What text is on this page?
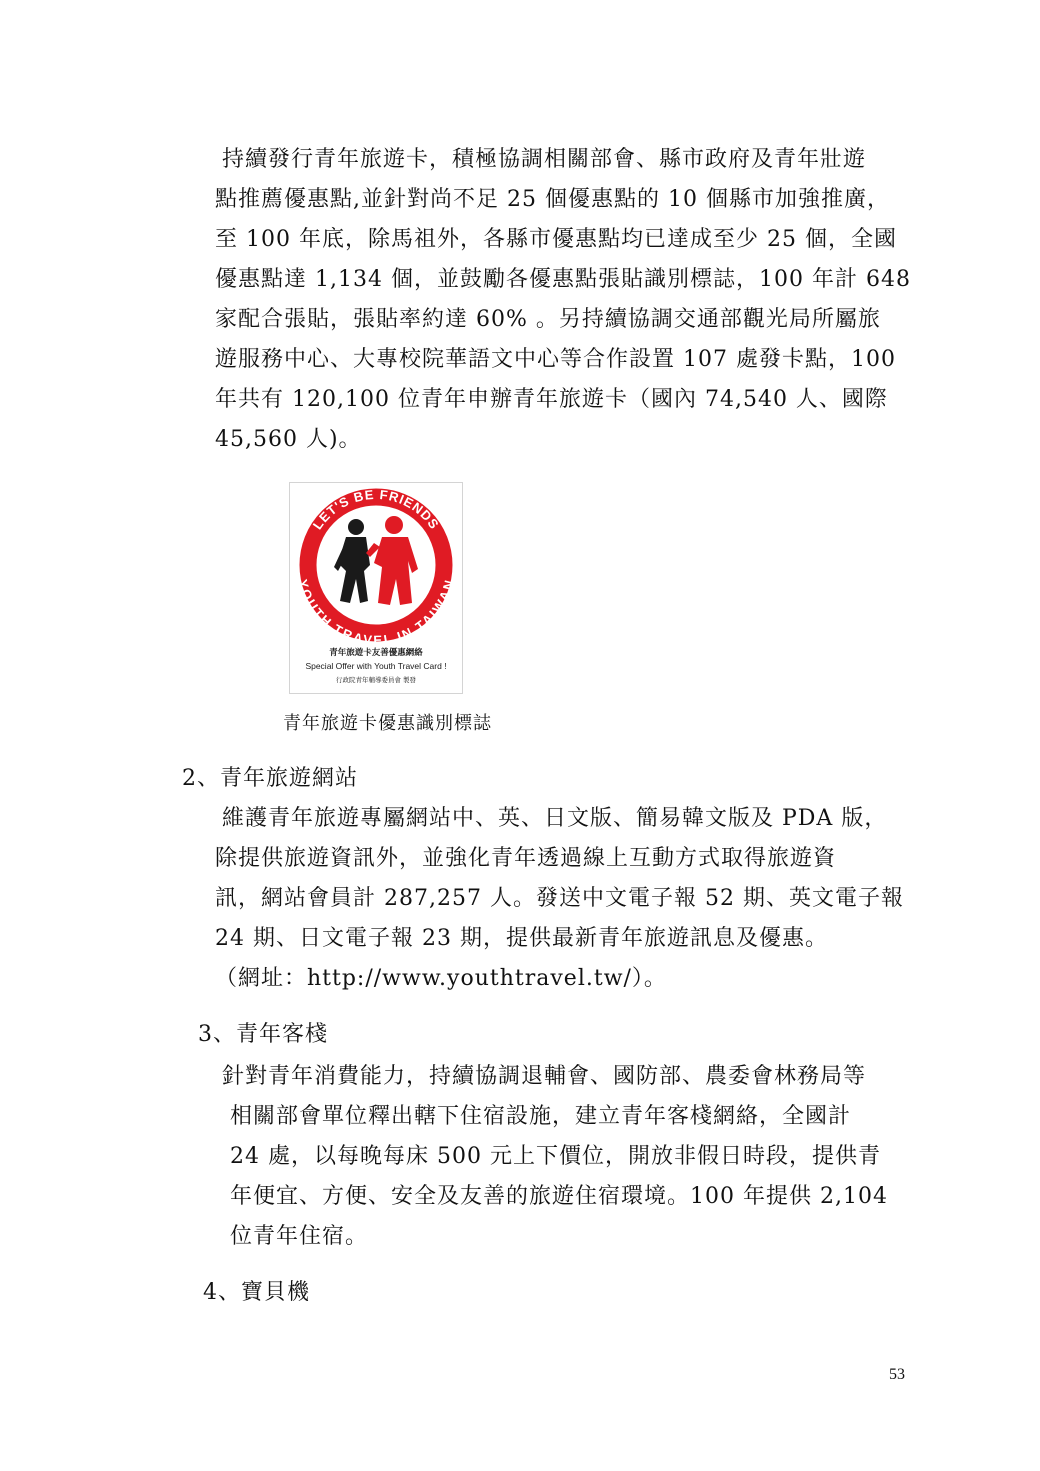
持續發行青年旅遊卡，積極協調相關部會、縣市政府及青年壯遊
點推薦優惠點,並針對尚不足 25 個優惠點的 10 個縣市加強推廣，
至 100 年底，除馬祖外，各縣市優惠點均已達成至少 25 個，全國
優惠點達 1,134 個，並鼓勵各優惠點張貼識別標誌，100 年計 648
家配合張貼，張貼率約達 60% 。另持續協調交通部觀光局所屬旅
遊服務中心、大專校院華語文中心等合作設置 107 處發卡點，100
年共有 120,100 位青年申辦青年旅遊卡（國內 74,540 人、國際
45,560 人)。
LET'S BE FRIENDS
YOUTH TRAVEL IN TAIWAN
青年旅遊卡友善優惠網絡
Special Offer with Youth Travel Card !
行政院青年輔導委員會 製發
青年旅遊卡優惠識別標誌
2、青年旅遊網站
維護青年旅遊專屬網站中、英、日文版、簡易韓文版及 PDA 版，
除提供旅遊資訊外，並強化青年透過線上互動方式取得旅遊資
訊，網站會員計 287,257 人。發送中文電子報 52 期、英文電子報
24 期、日文電子報 23 期，提供最新青年旅遊訊息及優惠。
（網址：http://www.youthtravel.tw/）。
3、青年客棧
針對青年消費能力，持續協調退輔會、國防部、農委會林務局等
相關部會單位釋出轄下住宿設施，建立青年客棧網絡，全國計
24 處，以每晚每床 500 元上下價位，開放非假日時段，提供青
年便宜、方便、安全及友善的旅遊住宿環境。100 年提供 2,104
位青年住宿。
4、寶貝機
53
